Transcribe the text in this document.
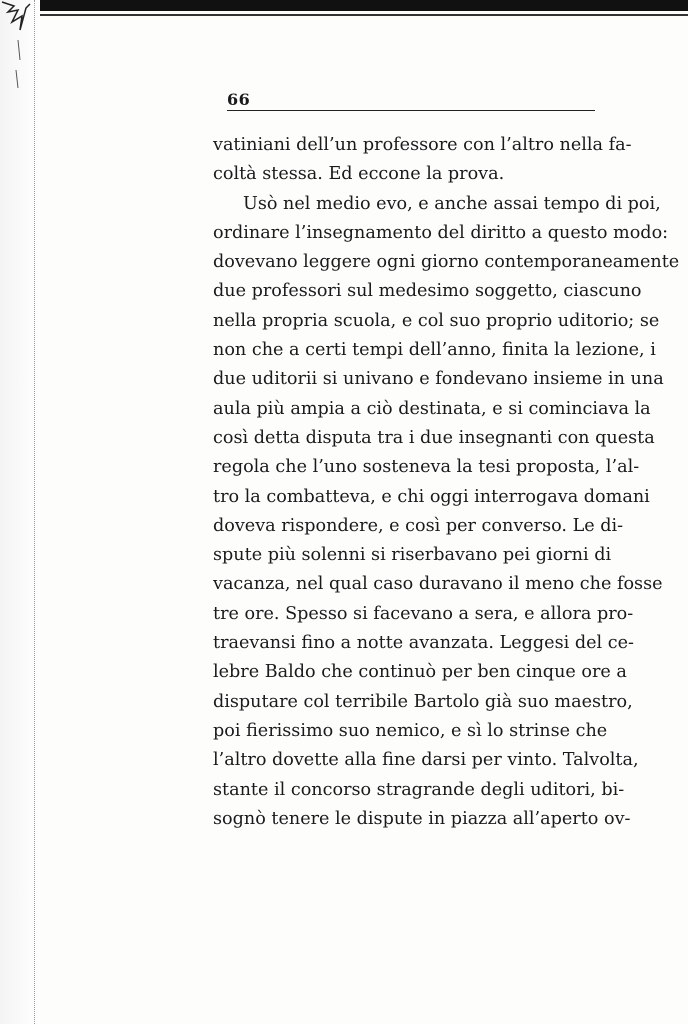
66
vatiniani dell’un professore con l’altro nella fa-
coltà stessa. Ed eccone la prova.
Usò nel medio evo, e anche assai tempo di poi,
ordinare l’insegnamento del diritto a questo modo:
dovevano leggere ogni giorno contemporaneamente
due professori sul medesimo soggetto, ciascuno
nella propria scuola, e col suo proprio uditorio; se
non che a certi tempi dell’anno, finita la lezione, i
due uditorii si univano e fondevano insieme in una
aula più ampia a ciò destinata, e si cominciava la
così detta disputa tra i due insegnanti con questa
regola che l’uno sosteneva la tesi proposta, l’al-
tro la combatteva, e chi oggi interrogava domani
doveva rispondere, e così per converso. Le di-
spute più solenni si riserbavano pei giorni di
vacanza, nel qual caso duravano il meno che fosse
tre ore. Spesso si facevano a sera, e allora pro-
traevansi fino a notte avanzata. Leggesi del ce-
lebre Baldo che continuò per ben cinque ore a
disputare col terribile Bartolo già suo maestro,
poi fierissimo suo nemico, e sì lo strinse che
l’altro dovette alla fine darsi per vinto. Talvolta,
stante il concorso stragrande degli uditori, bi-
sognò tenere le dispute in piazza all’aperto ov-
